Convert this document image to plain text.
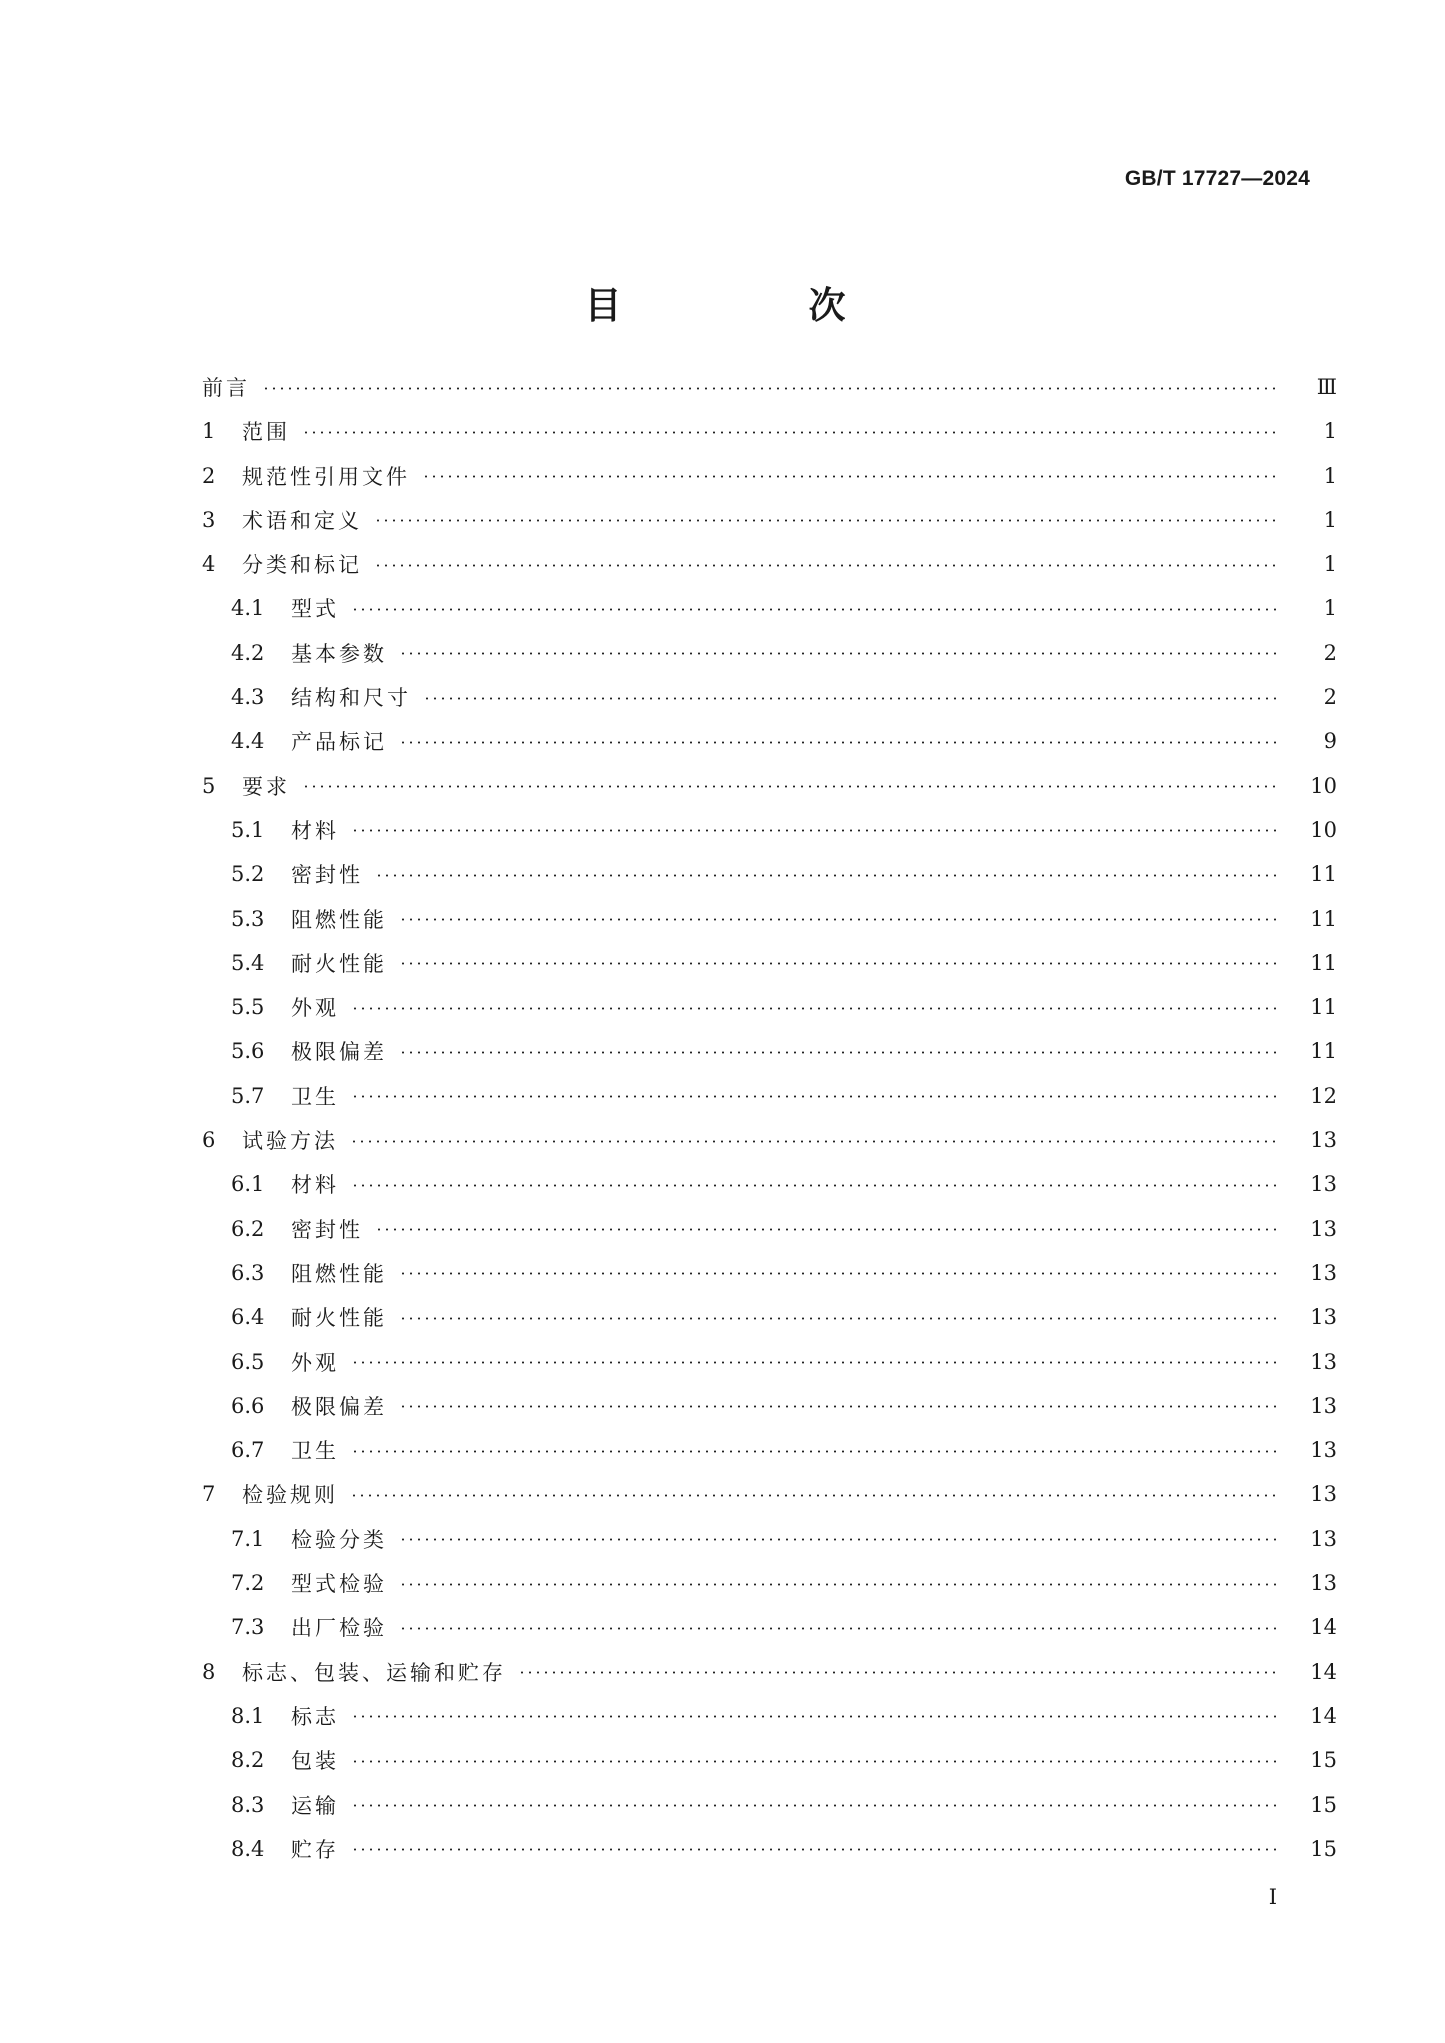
GB/T 17727—2024
目　次
前言	Ⅲ
1	范围	1
2	规范性引用文件	1
3	术语和定义	1
4	分类和标记	1
4.1	型式	1
4.2	基本参数	2
4.3	结构和尺寸	2
4.4	产品标记	9
5	要求	10
5.1	材料	10
5.2	密封性	11
5.3	阻燃性能	11
5.4	耐火性能	11
5.5	外观	11
5.6	极限偏差	11
5.7	卫生	12
6	试验方法	13
6.1	材料	13
6.2	密封性	13
6.3	阻燃性能	13
6.4	耐火性能	13
6.5	外观	13
6.6	极限偏差	13
6.7	卫生	13
7	检验规则	13
7.1	检验分类	13
7.2	型式检验	13
7.3	出厂检验	14
8	标志、包装、运输和贮存	14
8.1	标志	14
8.2	包装	15
8.3	运输	15
8.4	贮存	15
I
